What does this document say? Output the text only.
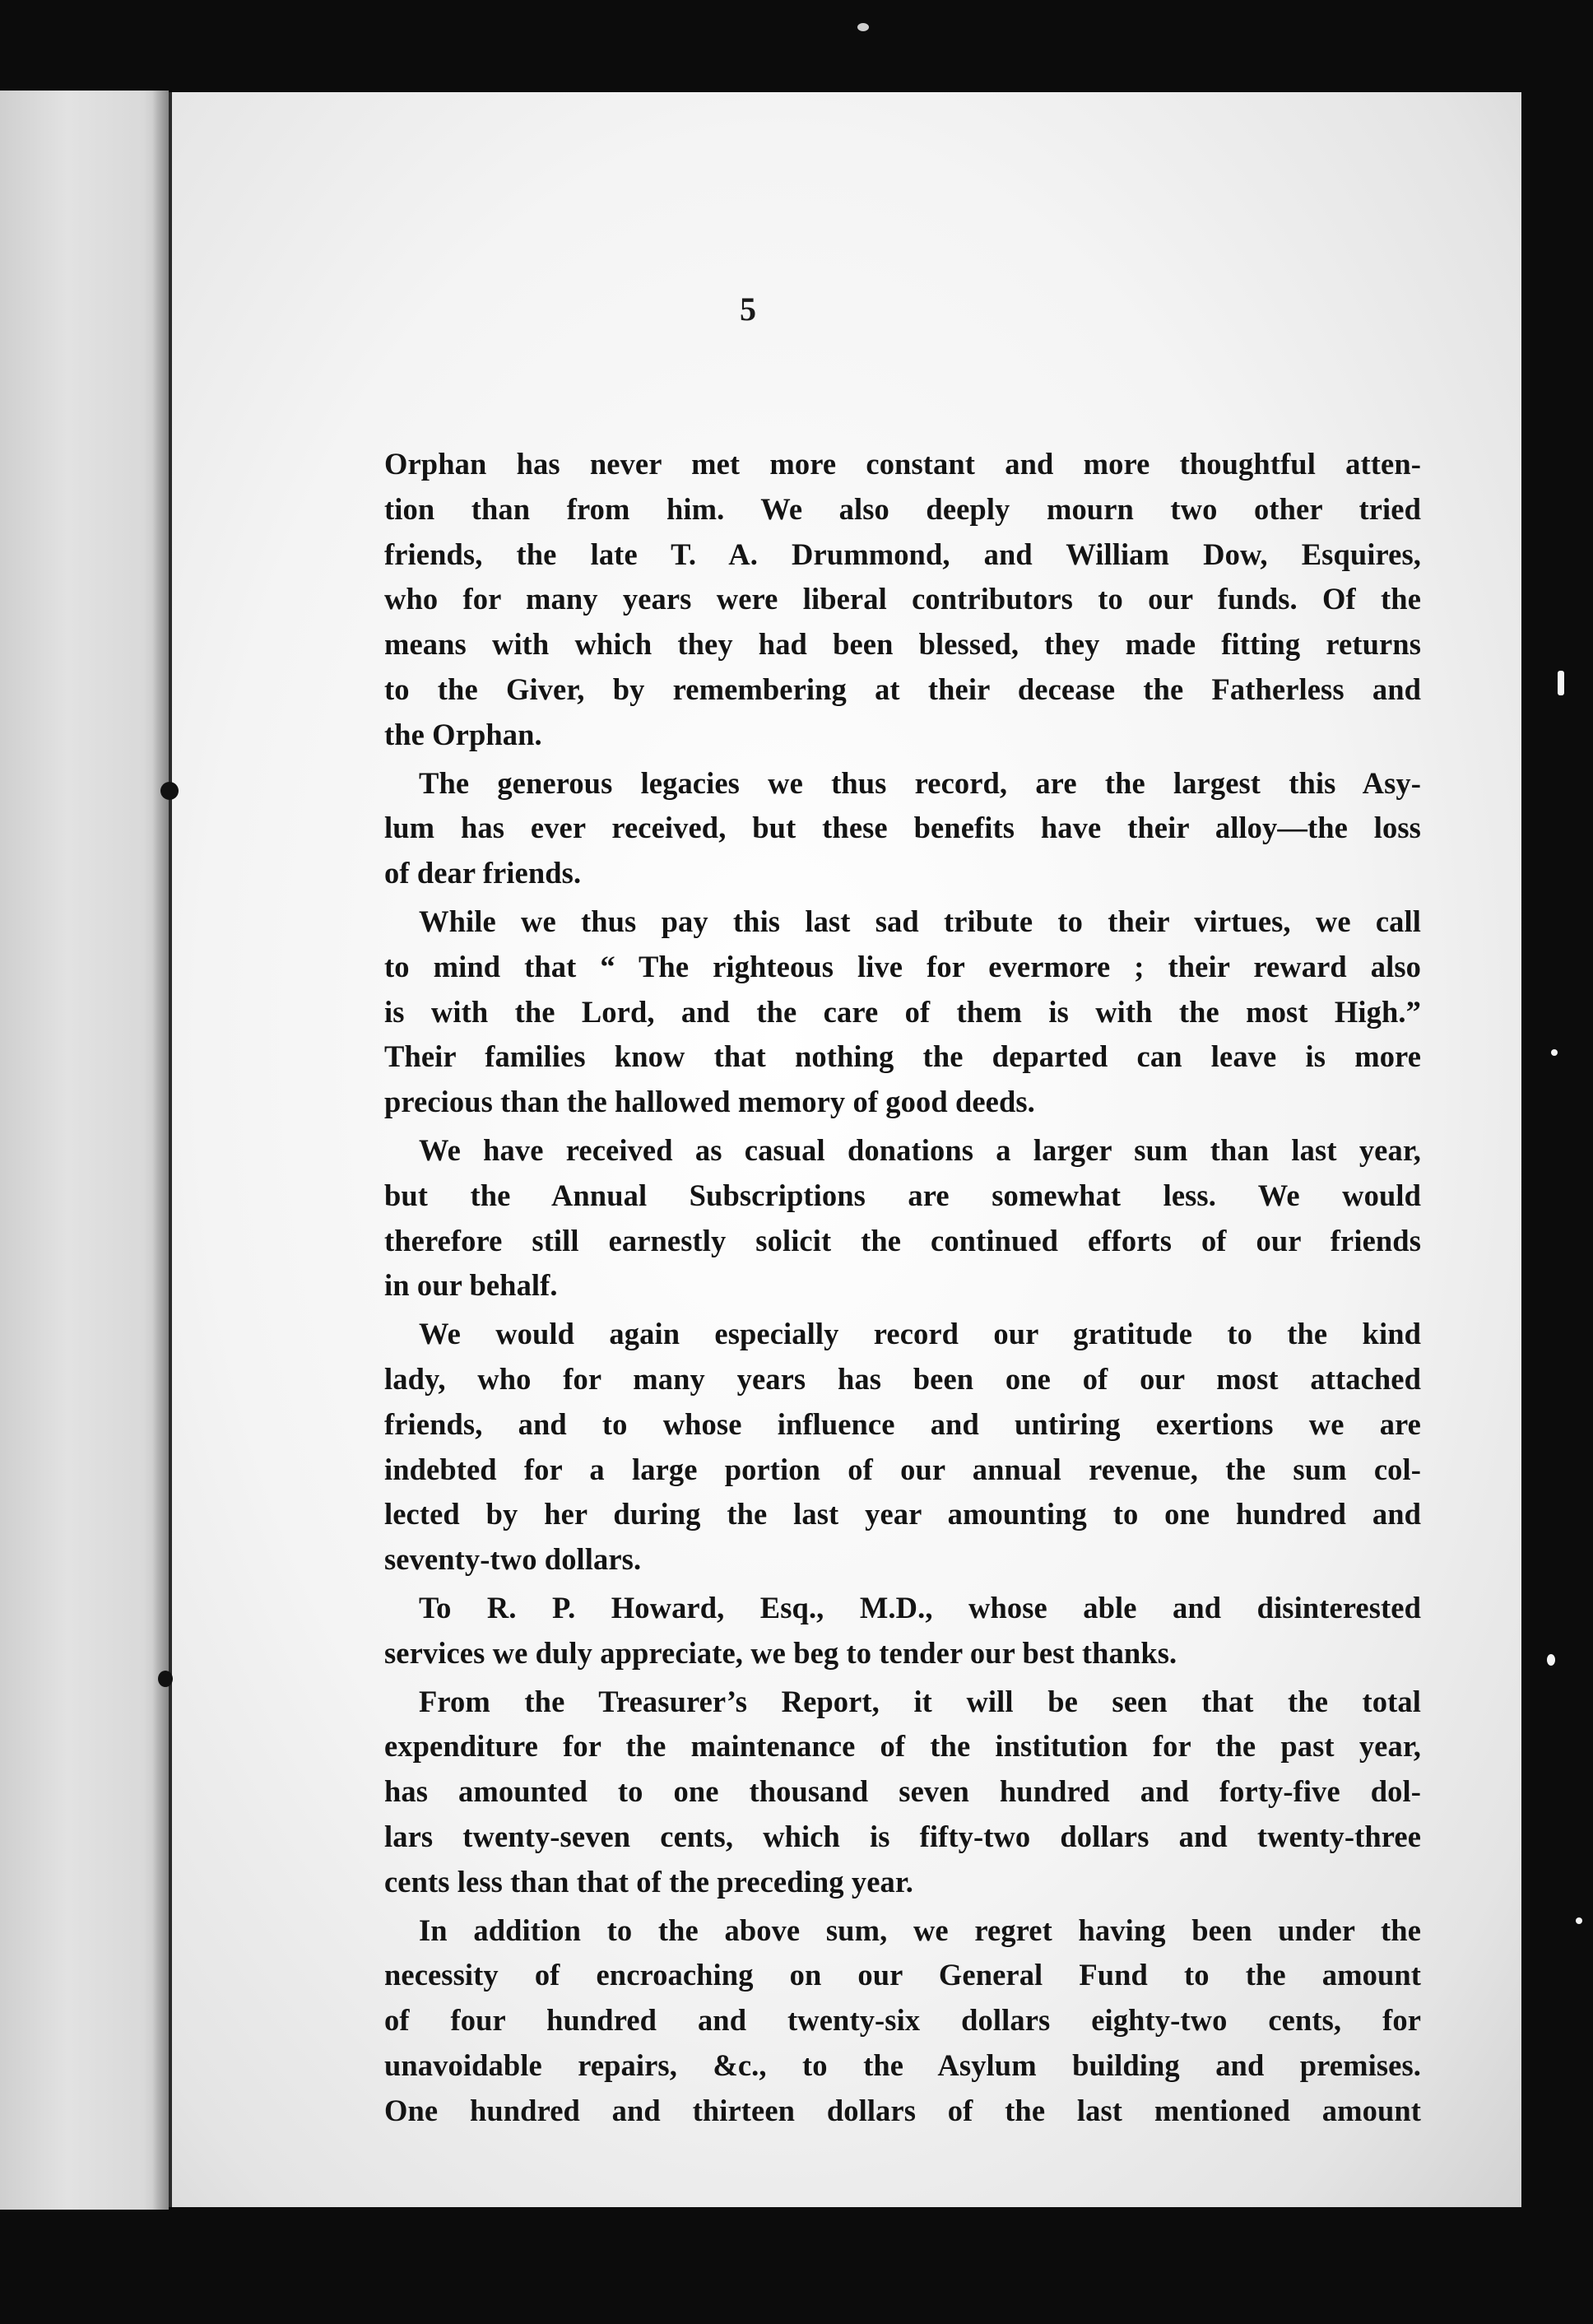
5
Orphan has never met more constant and more thoughtful atten-
tion than from him. We also deeply mourn two other tried
friends, the late T. A. Drummond, and William Dow, Esquires,
who for many years were liberal contributors to our funds. Of the
means with which they had been blessed, they made fitting returns
to the Giver, by remembering at their decease the Fatherless and
the Orphan.
The generous legacies we thus record, are the largest this Asy-
lum has ever received, but these benefits have their alloy—the loss
of dear friends.
While we thus pay this last sad tribute to their virtues, we call
to mind that “ The righteous live for evermore ; their reward also
is with the Lord, and the care of them is with the most High.”
Their families know that nothing the departed can leave is more
precious than the hallowed memory of good deeds.
We have received as casual donations a larger sum than last year,
but the Annual Subscriptions are somewhat less. We would
therefore still earnestly solicit the continued efforts of our friends
in our behalf.
We would again especially record our gratitude to the kind
lady, who for many years has been one of our most attached
friends, and to whose influence and untiring exertions we are
indebted for a large portion of our annual revenue, the sum col-
lected by her during the last year amounting to one hundred and
seventy-two dollars.
To R. P. Howard, Esq., M.D., whose able and disinterested
services we duly appreciate, we beg to tender our best thanks.
From the Treasurer’s Report, it will be seen that the total
expenditure for the maintenance of the institution for the past year,
has amounted to one thousand seven hundred and forty-five dol-
lars twenty-seven cents, which is fifty-two dollars and twenty-three
cents less than that of the preceding year.
In addition to the above sum, we regret having been under the
necessity of encroaching on our General Fund to the amount
of four hundred and twenty-six dollars eighty-two cents, for
unavoidable repairs, &c., to the Asylum building and premises.
One hundred and thirteen dollars of the last mentioned amount
